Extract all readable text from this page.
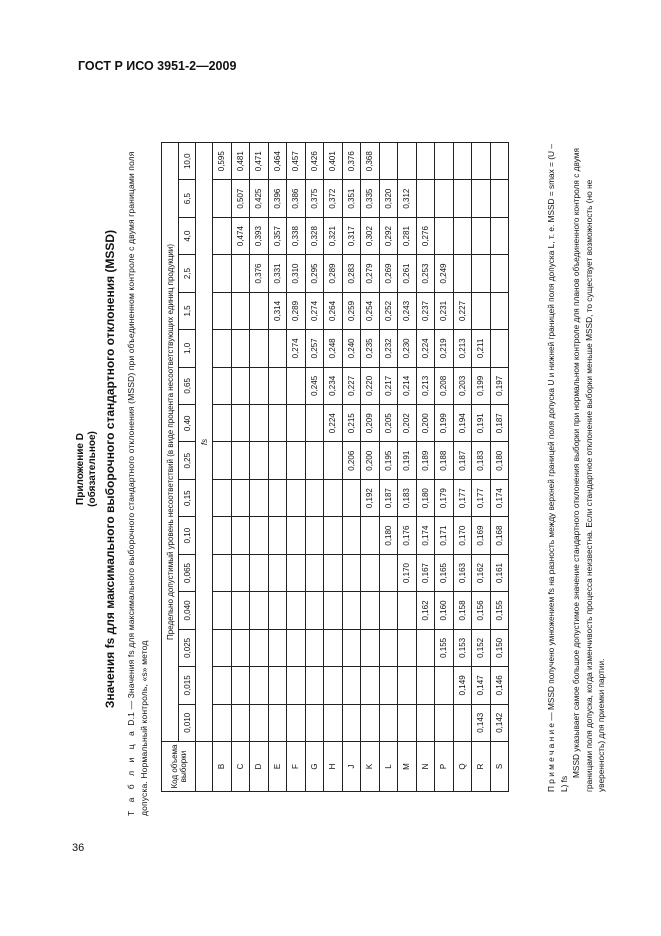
ГОСТ Р ИСО 3951-2—2009
Приложение D (обязательное) Значения fs для максимального выборочного стандартного отклонения (MSSD)
Т а б л и ц а D.1 — Значения fs для максимального выборочного стандартного отклонения (MSSD) при объединенном контроле с двумя границами поля допуска. Нормальный контроль, «s» метод	Код объема выборки	Предельно допустимый уровень несоответствий (в виде процента несоответствующих единиц продукции)															
	0,010	0,015	0,025	0,040	0,065	0,10	0,15	0,25	0,40	0,65	1,0	1,5	2,5	4,0	6,5	10,0
	fs															
B																0,595
C														0,474	0,507	0,481
D													0,376	0,393	0,425	0,471
E												0,314	0,331	0,357	0,396	0,464
F											0,274	0,289	0,310	0,338	0,386	0,457
G										0,245	0,257	0,274	0,295	0,328	0,375	0,426
H									0,224	0,234	0,248	0,264	0,289	0,321	0,372	0,401
J								0,206	0,215	0,227	0,240	0,259	0,283	0,317	0,351	0,376
K							0,192	0,200	0,209	0,220	0,235	0,254	0,279	0,302	0,335	0,368
L						0,180	0,187	0,195	0,205	0,217	0,232	0,252	0,269	0,292	0,320	
M					0,170	0,176	0,183	0,191	0,202	0,214	0,230	0,243	0,261	0,281	0,312	
N				0,162	0,167	0,174	0,180	0,189	0,200	0,213	0,224	0,237	0,253	0,276		
P			0,155	0,160	0,165	0,171	0,179	0,188	0,199	0,208	0,219	0,231	0,249			
Q		0,149	0,153	0,158	0,163	0,170	0,177	0,187	0,194	0,203	0,213	0,227				
R	0,143	0,147	0,152	0,156	0,162	0,169	0,177	0,183	0,191	0,199	0,211					
S	0,142	0,146	0,150	0,155	0,161	0,168	0,174	0,180	0,187	0,197							П р и м е ч а н и е — MSSD получено умножением fs на разность между верхней границей поля допуска U и нижней границей поля допуска L, т. е. MSSD = smax = (U – L) fs

MSSD указывает самое большое допустимое значение стандартного отклонения выборки при нормальном контроле для планов объединенного контроля с двумя границами поля допуска, когда изменчивость процесса неизвестна. Если стандартное отклонение выборки меньше MSSD, то существует возможность (но не уверенность) для приемки партии.

36
